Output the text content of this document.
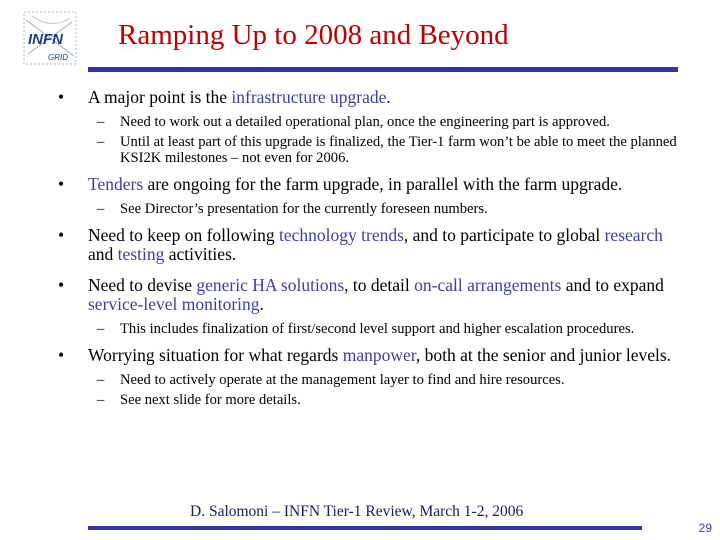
INFN
GRID
Ramping Up to 2008 and Beyond
•	A major point is the infrastructure upgrade.
– Need to work out a detailed operational plan, once the engineering part is approved.
– Until at least part of this upgrade is finalized, the Tier-1 farm won’t be able to meet the planned KSI2K milestones – not even for 2006.
•	Tenders are ongoing for the farm upgrade, in parallel with the farm upgrade.
– See Director’s presentation for the currently foreseen numbers.
•	Need to keep on following technology trends, and to participate to global research and testing activities.
•	Need to devise generic HA solutions, to detail on-call arrangements and to expand service-level monitoring.
– This includes finalization of first/second level support and higher escalation procedures.
•	Worrying situation for what regards manpower, both at the senior and junior levels.
– Need to actively operate at the management layer to find and hire resources.
– See next slide for more details.
D. Salomoni – INFN Tier-1 Review, March 1-2, 2006
29
